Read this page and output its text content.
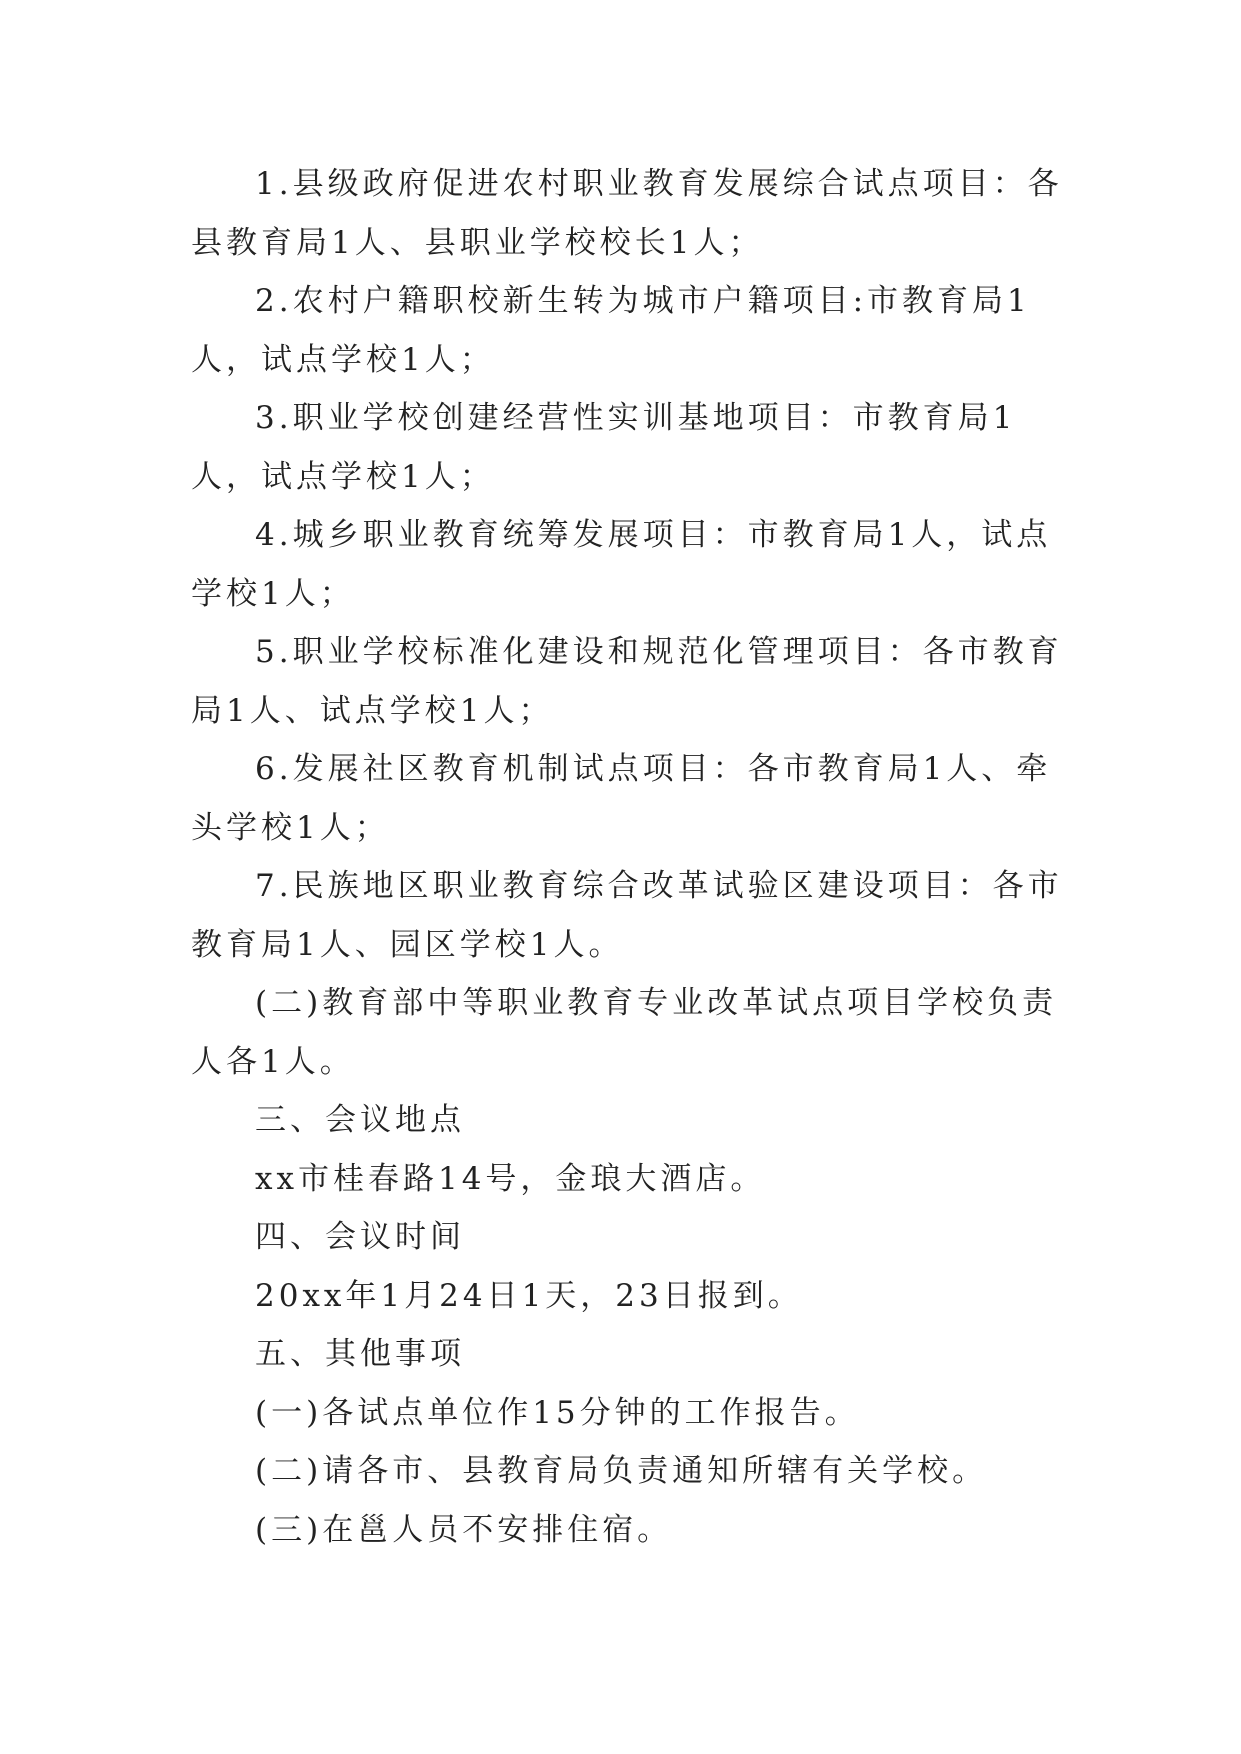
1.县级政府促进农村职业教育发展综合试点项目：各县教育局1人、县职业学校校长1人；

2.农村户籍职校新生转为城市户籍项目:市教育局1人，试点学校1人；

3.职业学校创建经营性实训基地项目：市教育局1人，试点学校1人；

4.城乡职业教育统筹发展项目：市教育局1人，试点学校1人；

5.职业学校标准化建设和规范化管理项目：各市教育局1人、试点学校1人；

6.发展社区教育机制试点项目：各市教育局1人、牵头学校1人；

7.民族地区职业教育综合改革试验区建设项目：各市教育局1人、园区学校1人。

(二)教育部中等职业教育专业改革试点项目学校负责人各1人。

三、会议地点

xx市桂春路14号，金琅大酒店。

四、会议时间

20xx年1月24日1天，23日报到。

五、其他事项

(一)各试点单位作15分钟的工作报告。

(二)请各市、县教育局负责通知所辖有关学校。

(三)在邕人员不安排住宿。
